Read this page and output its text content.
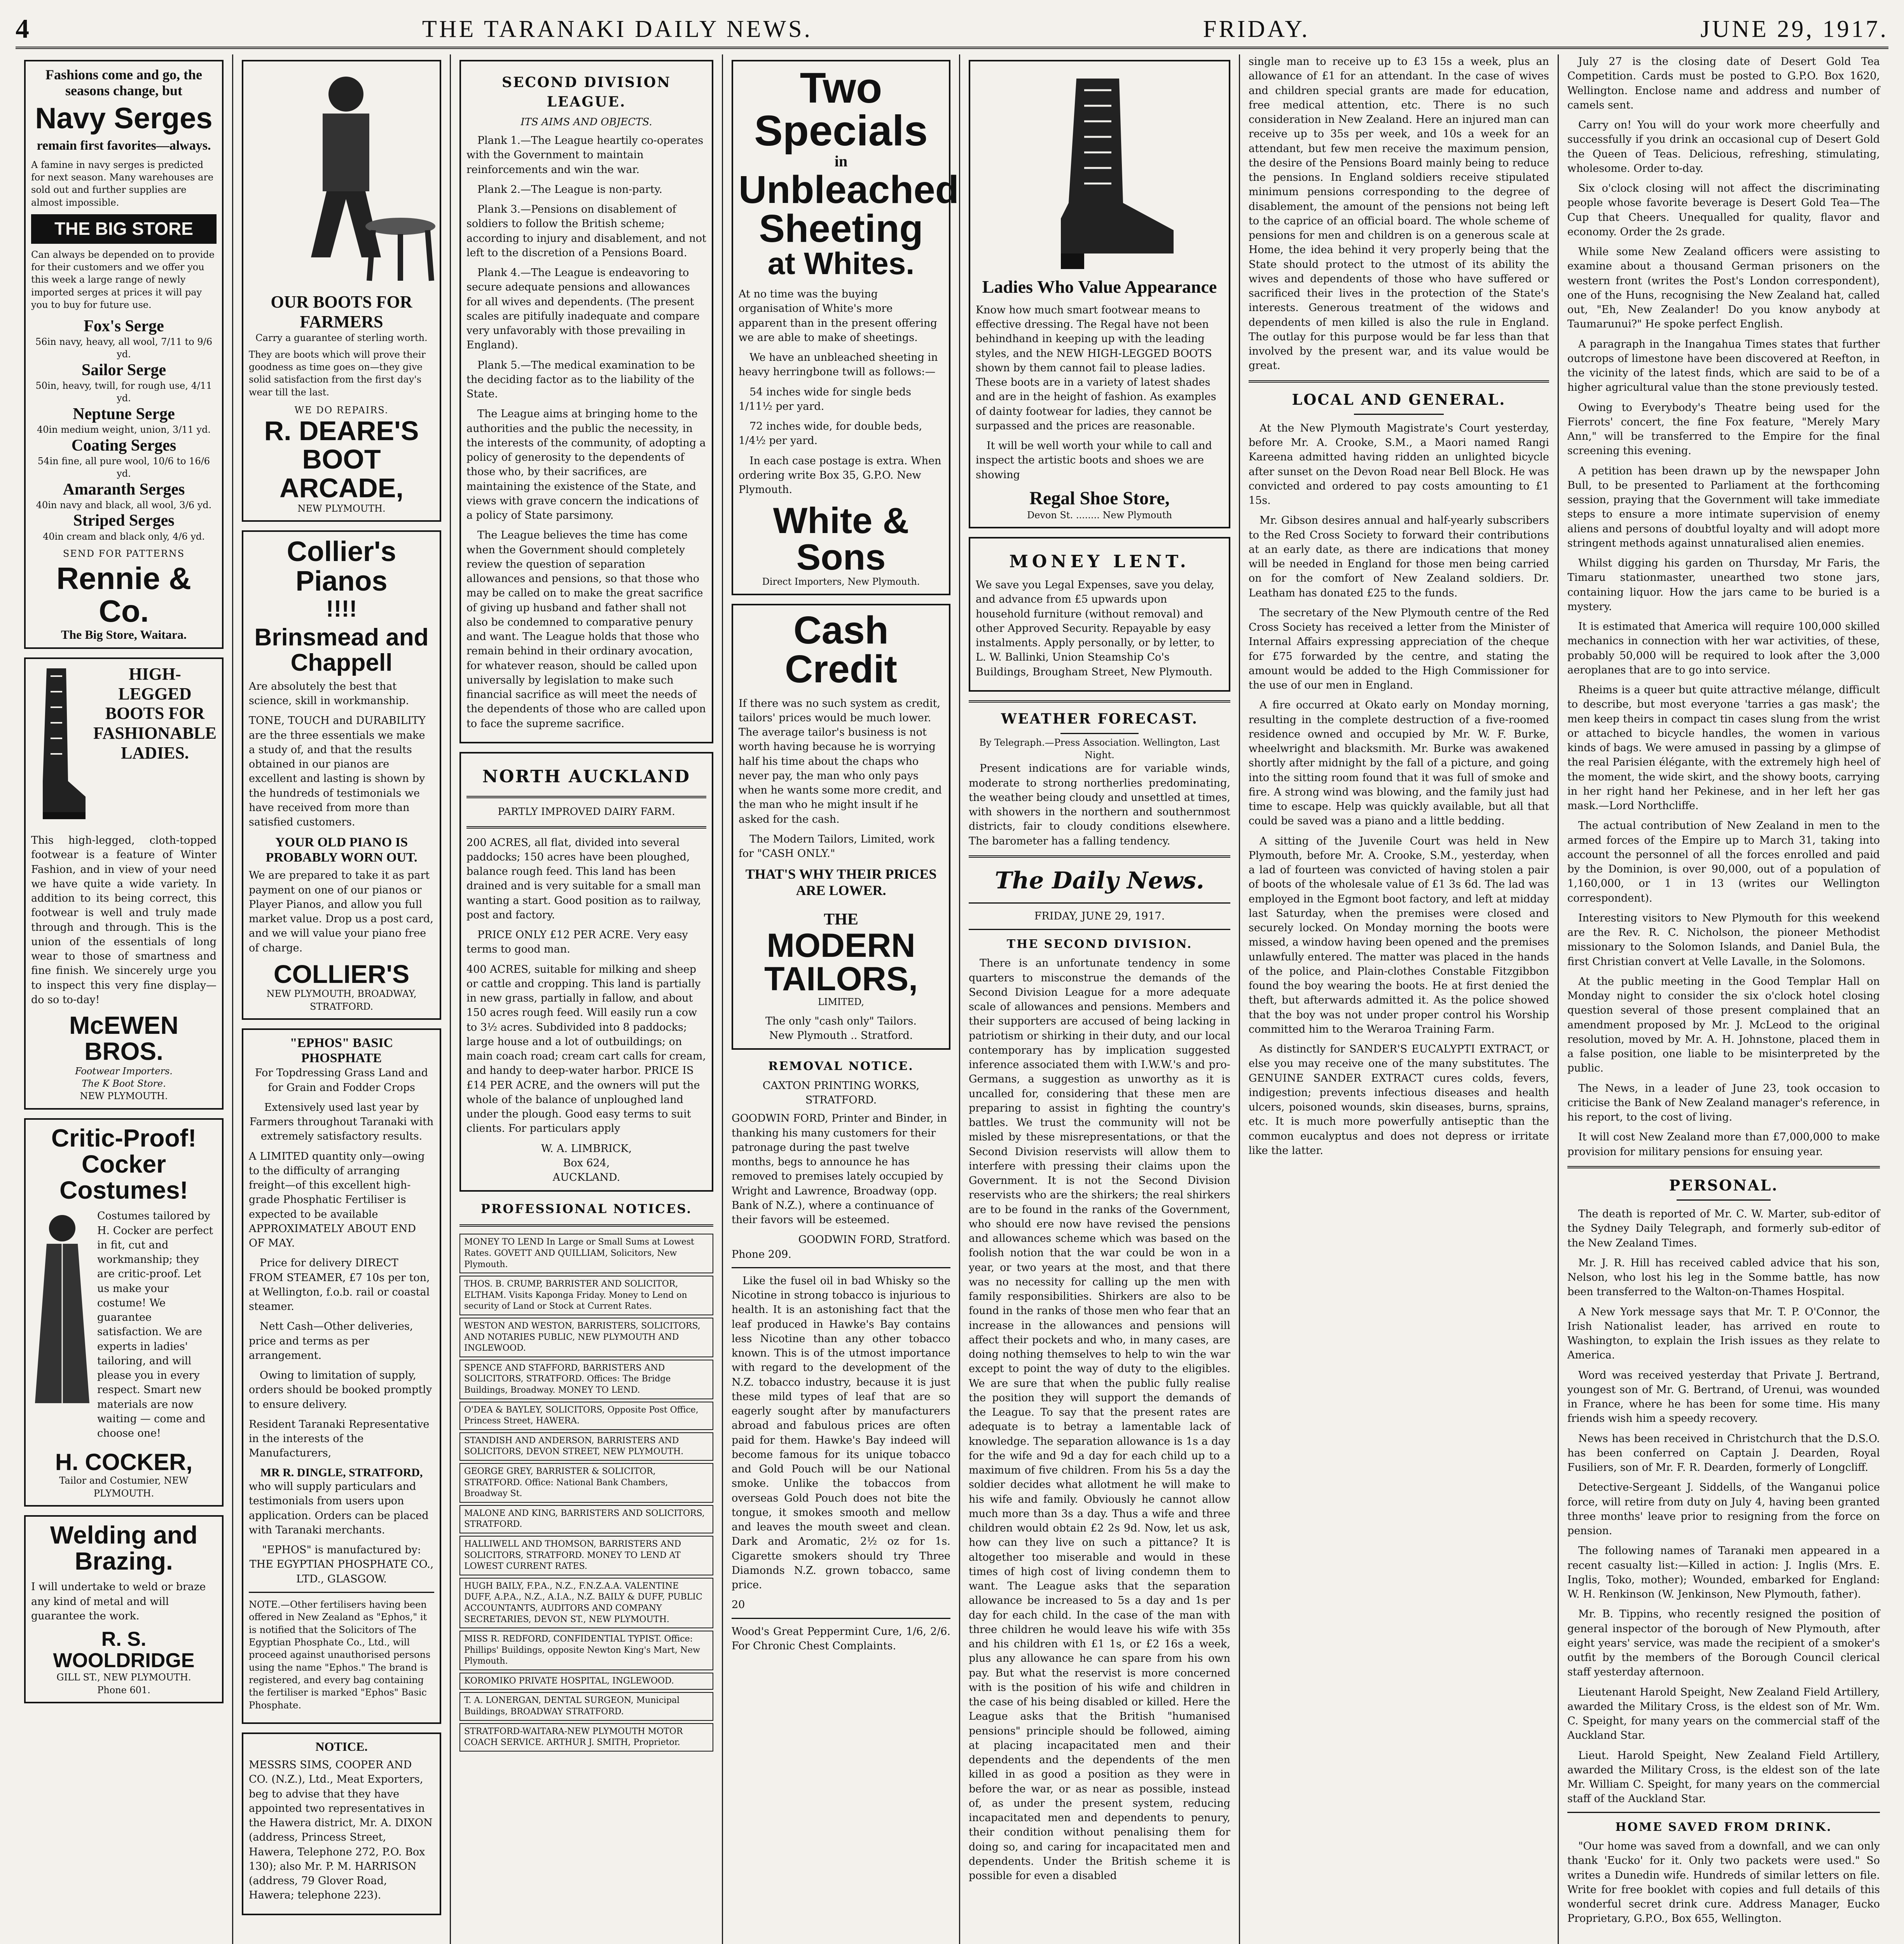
4	THE TARANAKI DAILY NEWS.	FRIDAY.	JUNE 29, 1917.
Fashions come and go, the seasons change, but
Navy Serges
remain first favorites—always.

A famine in navy serges is predicted for next season. Many warehouses are sold out and further supplies are almost impossible.

THE BIG STORE

Can always be depended on to provide for their customers and we offer you this week a large range of newly imported serges at prices it will pay you to buy for future use.

Fox's Serge
56in navy, heavy, all wool, 7/11 to 9/6 yd.
Sailor Serge
50in, heavy, twill, for rough use, 4/11 yd.
Neptune Serge
40in medium weight, union, 3/11 yd.
Coating Serges
54in fine, all pure wool, 10/6 to 16/6 yd.
Amaranth Serges
40in navy and black, all wool, 3/6 yd.
Striped Serges
40in cream and black only, 4/6 yd.
SEND FOR PATTERNS
Rennie & Co.
The Big Store, Waitara.
HIGH-LEGGED BOOTS FOR FASHIONABLE LADIES.

This high-legged, cloth-topped footwear is a feature of Winter Fashion, and in view of your need we have quite a wide variety. In addition to its being correct, this footwear is well and truly made through and through. This is the union of the essentials of long wear to those of smartness and fine finish. We sincerely urge you to inspect this very fine display—do so to-day!

McEWEN BROS.
Footwear Importers.
The K Boot Store.
NEW PLYMOUTH.
Critic-Proof! Cocker Costumes!

Costumes tailored by H. Cocker are perfect in fit, cut and workmanship; they are critic-proof. Let us make your costume! We guarantee satisfaction. We are experts in ladies' tailoring, and will please you in every respect. Smart new materials are now waiting — come and choose one!

H. COCKER,
Tailor and Costumier, NEW PLYMOUTH.
Welding and Brazing.

I will undertake to weld or braze any kind of metal and will guarantee the work.

R. S. WOOLDRIDGE
GILL ST., NEW PLYMOUTH.
Phone 601.
OUR BOOTS FOR FARMERS
Carry a guarantee of sterling worth.

They are boots which will prove their goodness as time goes on—they give solid satisfaction from the first day's wear till the last.

WE DO REPAIRS.
R. DEARE'S BOOT ARCADE,
NEW PLYMOUTH.
Collier's Pianos
!!!!
Brinsmead and Chappell

Are absolutely the best that science, skill in workmanship.

TONE, TOUCH and DURABILITY are the three essentials we make a study of, and that the results obtained in our pianos are excellent and lasting is shown by the hundreds of testimonials we have received from more than satisfied customers.

YOUR OLD PIANO IS PROBABLY WORN OUT.

We are prepared to take it as part payment on one of our pianos or Player Pianos, and allow you full market value. Drop us a post card, and we will value your piano free of charge.

COLLIER'S
NEW PLYMOUTH, BROADWAY, STRATFORD.
"EPHOS" BASIC PHOSPHATE

For Topdressing Grass Land and for Grain and Fodder Crops

Extensively used last year by Farmers throughout Taranaki with extremely satisfactory results.

A LIMITED quantity only—owing to the difficulty of arranging freight—of this excellent high-grade Phosphatic Fertiliser is expected to be available APPROXIMATELY ABOUT END OF MAY.

Price for delivery DIRECT FROM STEAMER, £7 10s per ton, at Wellington, f.o.b. rail or coastal steamer.

Nett Cash—Other deliveries, price and terms as per arrangement.

Owing to limitation of supply, orders should be booked promptly to ensure delivery.

Resident Taranaki Representative in the interests of the Manufacturers,

MR R. DINGLE, STRATFORD,

who will supply particulars and testimonials from users upon application. Orders can be placed with Taranaki merchants.

"EPHOS" is manufactured by: THE EGYPTIAN PHOSPHATE CO., LTD., GLASGOW.

NOTE.—Other fertilisers having been offered in New Zealand as "Ephos," it is notified that the Solicitors of The Egyptian Phosphate Co., Ltd., will proceed against unauthorised persons using the name "Ephos." The brand is registered, and every bag containing the fertiliser is marked "Ephos" Basic Phosphate.

NOTICE.

MESSRS SIMS, COOPER AND CO. (N.Z.), Ltd., Meat Exporters, beg to advise that they have appointed two representatives in the Hawera district, Mr. A. DIXON (address, Princess Street, Hawera, Telephone 272, P.O. Box 130); also Mr. P. M. HARRISON (address, 79 Glover Road, Hawera; telephone 223).

SECOND DIVISION LEAGUE.
ITS AIMS AND OBJECTS.

Plank 1.—The League heartily co-operates with the Government to maintain reinforcements and win the war.

Plank 2.—The League is non-party.

Plank 3.—Pensions on disablement of soldiers to follow the British scheme; according to injury and disablement, and not left to the discretion of a Pensions Board.

Plank 4.—The League is endeavoring to secure adequate pensions and allowances for all wives and dependents. (The present scales are pitifully inadequate and compare very unfavorably with those prevailing in England).

Plank 5.—The medical examination to be the deciding factor as to the liability of the State.

The League aims at bringing home to the authorities and the public the necessity, in the interests of the community, of adopting a policy of generosity to the dependents of those who, by their sacrifices, are maintaining the existence of the State, and views with grave concern the indications of a policy of State parsimony.

The League believes the time has come when the Government should completely review the question of separation allowances and pensions, so that those who may be called on to make the great sacrifice of giving up husband and father shall not also be condemned to comparative penury and want. The League holds that those who remain behind in their ordinary avocation, for whatever reason, should be called upon universally by legislation to make such financial sacrifice as will meet the needs of the dependents of those who are called upon to face the supreme sacrifice.

NORTH AUCKLAND
PARTLY IMPROVED DAIRY FARM.

200 ACRES, all flat, divided into several paddocks; 150 acres have been ploughed, balance rough feed. This land has been drained and is very suitable for a small man wanting a start. Good position as to railway, post and factory.

PRICE ONLY £12 PER ACRE. Very easy terms to good man.

400 ACRES, suitable for milking and sheep or cattle and cropping. This land is partially in new grass, partially in fallow, and about 150 acres rough feed. Will easily run a cow to 3½ acres. Subdivided into 8 paddocks; large house and a lot of outbuildings; on main coach road; cream cart calls for cream, and handy to deep-water harbor. PRICE IS £14 PER ACRE, and the owners will put the whole of the balance of unploughed land under the plough. Good easy terms to suit clients. For particulars apply

W. A. LIMBRICK,
Box 624,
AUCKLAND.
PROFESSIONAL NOTICES.
MONEY TO LEND In Large or Small Sums at Lowest Rates. GOVETT AND QUILLIAM, Solicitors, New Plymouth.
THOS. B. CRUMP, BARRISTER AND SOLICITOR, ELTHAM. Visits Kaponga Friday. Money to Lend on security of Land or Stock at Current Rates.
WESTON AND WESTON, BARRISTERS, SOLICITORS, AND NOTARIES PUBLIC, NEW PLYMOUTH AND INGLEWOOD.
SPENCE AND STAFFORD, BARRISTERS AND SOLICITORS, STRATFORD. Offices: The Bridge Buildings, Broadway. MONEY TO LEND.
O'DEA & BAYLEY, SOLICITORS, Opposite Post Office, Princess Street, HAWERA.
STANDISH AND ANDERSON, BARRISTERS AND SOLICITORS, DEVON STREET, NEW PLYMOUTH.
GEORGE GREY, BARRISTER & SOLICITOR, STRATFORD. Office: National Bank Chambers, Broadway St.
MALONE AND KING, BARRISTERS AND SOLICITORS, STRATFORD.
HALLIWELL AND THOMSON, BARRISTERS AND SOLICITORS, STRATFORD. MONEY TO LEND AT LOWEST CURRENT RATES.
HUGH BAILY, F.P.A., N.Z., F.N.Z.A.A. VALENTINE DUFF, A.P.A., N.Z., A.I.A., N.Z. BAILY & DUFF, PUBLIC ACCOUNTANTS, AUDITORS AND COMPANY SECRETARIES, DEVON ST., NEW PLYMOUTH.
MISS R. REDFORD, CONFIDENTIAL TYPIST. Office: Phillips' Buildings, opposite Newton King's Mart, New Plymouth.
KOROMIKO PRIVATE HOSPITAL, INGLEWOOD.
T. A. LONERGAN, DENTAL SURGEON, Municipal Buildings, BROADWAY STRATFORD.
STRATFORD-WAITARA-NEW PLYMOUTH MOTOR COACH SERVICE. ARTHUR J. SMITH, Proprietor.
Two Specials
in
Unbleached Sheeting
at Whites.

At no time was the buying organisation of White's more apparent than in the present offering we are able to make of sheetings.

We have an unbleached sheeting in heavy herringbone twill as follows:—

54 inches wide for single beds 1/11½ per yard.

72 inches wide, for double beds, 1/4½ per yard.

In each case postage is extra. When ordering write Box 35, G.P.O. New Plymouth.

White & Sons
Direct Importers, New Plymouth.
Cash Credit

If there was no such system as credit, tailors' prices would be much lower. The average tailor's business is not worth having because he is worrying half his time about the chaps who never pay, the man who only pays when he wants some more credit, and the man who he might insult if he asked for the cash.

The Modern Tailors, Limited, work for "CASH ONLY."

THAT'S WHY THEIR PRICES ARE LOWER.
THE
MODERN TAILORS,
LIMITED,
The only "cash only" Tailors.
New Plymouth .. Stratford.
REMOVAL NOTICE.
CAXTON PRINTING WORKS, STRATFORD.

GOODWIN FORD, Printer and Binder, in thanking his many customers for their patronage during the past twelve months, begs to announce he has removed to premises lately occupied by Wright and Lawrence, Broadway (opp. Bank of N.Z.), where a continuance of their favors will be esteemed.

GOODWIN FORD, Stratford.
Phone 209.

Like the fusel oil in bad Whisky so the Nicotine in strong tobacco is injurious to health. It is an astonishing fact that the leaf produced in Hawke's Bay contains less Nicotine than any other tobacco known. This is of the utmost importance with regard to the development of the N.Z. tobacco industry, because it is just these mild types of leaf that are so eagerly sought after by manufacturers abroad and fabulous prices are often paid for them. Hawke's Bay indeed will become famous for its unique tobacco and Gold Pouch will be our National smoke. Unlike the tobaccos from overseas Gold Pouch does not bite the tongue, it smokes smooth and mellow and leaves the mouth sweet and clean. Dark and Aromatic, 2½ oz for 1s. Cigarette smokers should try Three Diamonds N.Z. grown tobacco, same price.

20

Wood's Great Peppermint Cure, 1/6, 2/6. For Chronic Chest Complaints.

Ladies Who Value Appearance

Know how much smart footwear means to effective dressing. The Regal have not been behindhand in keeping up with the leading styles, and the NEW HIGH-LEGGED BOOTS shown by them cannot fail to please ladies. These boots are in a variety of latest shades and are in the height of fashion. As examples of dainty footwear for ladies, they cannot be surpassed and the prices are reasonable.

It will be well worth your while to call and inspect the artistic boots and shoes we are showing

Regal Shoe Store,
Devon St. ........ New Plymouth
MONEY LENT.

We save you Legal Expenses, save you delay, and advance from £5 upwards upon household furniture (without removal) and other Approved Security. Repayable by easy instalments. Apply personally, or by letter, to L. W. Ballinki, Union Steamship Co's Buildings, Brougham Street, New Plymouth.

WEATHER FORECAST.
By Telegraph.—Press Association. Wellington, Last Night.

Present indications are for variable winds, moderate to strong northerlies predominating, the weather being cloudy and unsettled at times, with showers in the northern and southernmost districts, fair to cloudy conditions elsewhere. The barometer has a falling tendency.

The Daily News.
FRIDAY, JUNE 29, 1917.
THE SECOND DIVISION.

There is an unfortunate tendency in some quarters to misconstrue the demands of the Second Division League for a more adequate scale of allowances and pensions. Members and their supporters are accused of being lacking in patriotism or shirking in their duty, and our local contemporary has by implication suggested inference associated them with I.W.W.'s and pro-Germans, a suggestion as unworthy as it is uncalled for, considering that these men are preparing to assist in fighting the country's battles. We trust the community will not be misled by these misrepresentations, or that the Second Division reservists will allow them to interfere with pressing their claims upon the Government. It is not the Second Division reservists who are the shirkers; the real shirkers are to be found in the ranks of the Government, who should ere now have revised the pensions and allowances scheme which was based on the foolish notion that the war could be won in a year, or two years at the most, and that there was no necessity for calling up the men with family responsibilities. Shirkers are also to be found in the ranks of those men who fear that an increase in the allowances and pensions will affect their pockets and who, in many cases, are doing nothing themselves to help to win the war except to point the way of duty to the eligibles. We are sure that when the public fully realise the position they will support the demands of the League. To say that the present rates are adequate is to betray a lamentable lack of knowledge. The separation allowance is 1s a day for the wife and 9d a day for each child up to a maximum of five children. From his 5s a day the soldier decides what allotment he will make to his wife and family. Obviously he cannot allow much more than 3s a day. Thus a wife and three children would obtain £2 2s 9d. Now, let us ask, how can they live on such a pittance? It is altogether too miserable and would in these times of high cost of living condemn them to want. The League asks that the separation allowance be increased to 5s a day and 1s per day for each child. In the case of the man with three children he would leave his wife with 35s and his children with £1 1s, or £2 16s a week, plus any allowance he can spare from his own pay. But what the reservist is more concerned with is the position of his wife and children in the case of his being disabled or killed. Here the League asks that the British "humanised pensions" principle should be followed, aiming at placing incapacitated men and their dependents and the dependents of the men killed in as good a position as they were in before the war, or as near as possible, instead of, as under the present system, reducing incapacitated men and dependents to penury, their condition without penalising them for doing so, and caring for incapacitated men and dependents. Under the British scheme it is possible for even a disabled

single man to receive up to £3 15s a week, plus an allowance of £1 for an attendant. In the case of wives and children special grants are made for education, free medical attention, etc. There is no such consideration in New Zealand. Here an injured man can receive up to 35s per week, and 10s a week for an attendant, but few men receive the maximum pension, the desire of the Pensions Board mainly being to reduce the pensions. In England soldiers receive stipulated minimum pensions corresponding to the degree of disablement, the amount of the pensions not being left to the caprice of an official board. The whole scheme of pensions for men and children is on a generous scale at Home, the idea behind it very properly being that the State should protect to the utmost of its ability the wives and dependents of those who have suffered or sacrificed their lives in the protection of the State's interests. Generous treatment of the widows and dependents of men killed is also the rule in England. The outlay for this purpose would be far less than that involved by the present war, and its value would be great.

LOCAL AND GENERAL.

At the New Plymouth Magistrate's Court yesterday, before Mr. A. Crooke, S.M., a Maori named Rangi Kareena admitted having ridden an unlighted bicycle after sunset on the Devon Road near Bell Block. He was convicted and ordered to pay costs amounting to £1 15s.

Mr. Gibson desires annual and half-yearly subscribers to the Red Cross Society to forward their contributions at an early date, as there are indications that money will be needed in England for those men being carried on for the comfort of New Zealand soldiers. Dr. Leatham has donated £25 to the funds.

The secretary of the New Plymouth centre of the Red Cross Society has received a letter from the Minister of Internal Affairs expressing appreciation of the cheque for £75 forwarded by the centre, and stating the amount would be added to the High Commissioner for the use of our men in England.

A fire occurred at Okato early on Monday morning, resulting in the complete destruction of a five-roomed residence owned and occupied by Mr. W. F. Burke, wheelwright and blacksmith. Mr. Burke was awakened shortly after midnight by the fall of a picture, and going into the sitting room found that it was full of smoke and fire. A strong wind was blowing, and the family just had time to escape. Help was quickly available, but all that could be saved was a piano and a little bedding.

A sitting of the Juvenile Court was held in New Plymouth, before Mr. A. Crooke, S.M., yesterday, when a lad of fourteen was convicted of having stolen a pair of boots of the wholesale value of £1 3s 6d. The lad was employed in the Egmont boot factory, and left at midday last Saturday, when the premises were closed and securely locked. On Monday morning the boots were missed, a window having been opened and the premises unlawfully entered. The matter was placed in the hands of the police, and Plain-clothes Constable Fitzgibbon found the boy wearing the boots. He at first denied the theft, but afterwards admitted it. As the police showed that the boy was not under proper control his Worship committed him to the Weraroa Training Farm.

As distinctly for SANDER'S EUCALYPTI EXTRACT, or else you may receive one of the many substitutes. The GENUINE SANDER EXTRACT cures colds, fevers, indigestion; prevents infectious diseases and health ulcers, poisoned wounds, skin diseases, burns, sprains, etc. It is much more powerfully antiseptic than the common eucalyptus and does not depress or irritate like the latter.

July 27 is the closing date of Desert Gold Tea Competition. Cards must be posted to G.P.O. Box 1620, Wellington. Enclose name and address and number of camels sent.

Carry on! You will do your work more cheerfully and successfully if you drink an occasional cup of Desert Gold the Queen of Teas. Delicious, refreshing, stimulating, wholesome. Order to-day.

Six o'clock closing will not affect the discriminating people whose favorite beverage is Desert Gold Tea—The Cup that Cheers. Unequalled for quality, flavor and economy. Order the 2s grade.

While some New Zealand officers were assisting to examine about a thousand German prisoners on the western front (writes the Post's London correspondent), one of the Huns, recognising the New Zealand hat, called out, "Eh, New Zealander! Do you know anybody at Taumarunui?" He spoke perfect English.

A paragraph in the Inangahua Times states that further outcrops of limestone have been discovered at Reefton, in the vicinity of the latest finds, which are said to be of a higher agricultural value than the stone previously tested.

Owing to Everybody's Theatre being used for the Fierrots' concert, the fine Fox feature, "Merely Mary Ann," will be transferred to the Empire for the final screening this evening.

A petition has been drawn up by the newspaper John Bull, to be presented to Parliament at the forthcoming session, praying that the Government will take immediate steps to ensure a more intimate supervision of enemy aliens and persons of doubtful loyalty and will adopt more stringent methods against unnaturalised alien enemies.

Whilst digging his garden on Thursday, Mr Faris, the Timaru stationmaster, unearthed two stone jars, containing liquor. How the jars came to be buried is a mystery.

It is estimated that America will require 100,000 skilled mechanics in connection with her war activities, of these, probably 50,000 will be required to look after the 3,000 aeroplanes that are to go into service.

Rheims is a queer but quite attractive mélange, difficult to describe, but most everyone 'tarries a gas mask'; the men keep theirs in compact tin cases slung from the wrist or attached to bicycle handles, the women in various kinds of bags. We were amused in passing by a glimpse of the real Parisien élégante, with the extremely high heel of the moment, the wide skirt, and the showy boots, carrying in her right hand her Pekinese, and in her left her gas mask.—Lord Northcliffe.

The actual contribution of New Zealand in men to the armed forces of the Empire up to March 31, taking into account the personnel of all the forces enrolled and paid by the Dominion, is over 90,000, out of a population of 1,160,000, or 1 in 13 (writes our Wellington correspondent).

Interesting visitors to New Plymouth for this weekend are the Rev. R. C. Nicholson, the pioneer Methodist missionary to the Solomon Islands, and Daniel Bula, the first Christian convert at Velle Lavalle, in the Solomons.

At the public meeting in the Good Templar Hall on Monday night to consider the six o'clock hotel closing question several of those present complained that an amendment proposed by Mr. J. McLeod to the original resolution, moved by Mr. A. H. Johnstone, placed them in a false position, one liable to be misinterpreted by the public.

The News, in a leader of June 23, took occasion to criticise the Bank of New Zealand manager's reference, in his report, to the cost of living.

It will cost New Zealand more than £7,000,000 to make provision for military pensions for ensuing year.

PERSONAL.

The death is reported of Mr. C. W. Marter, sub-editor of the Sydney Daily Telegraph, and formerly sub-editor of the New Zealand Times.

Mr. J. R. Hill has received cabled advice that his son, Nelson, who lost his leg in the Somme battle, has now been transferred to the Walton-on-Thames Hospital.

A New York message says that Mr. T. P. O'Connor, the Irish Nationalist leader, has arrived en route to Washington, to explain the Irish issues as they relate to America.

Word was received yesterday that Private J. Bertrand, youngest son of Mr. G. Bertrand, of Urenui, was wounded in France, where he has been for some time. His many friends wish him a speedy recovery.

News has been received in Christchurch that the D.S.O. has been conferred on Captain J. Dearden, Royal Fusiliers, son of Mr. F. R. Dearden, formerly of Longcliff.

Detective-Sergeant J. Siddells, of the Wanganui police force, will retire from duty on July 4, having been granted three months' leave prior to resigning from the force on pension.

The following names of Taranaki men appeared in a recent casualty list:—Killed in action: J. Inglis (Mrs. E. Inglis, Toko, mother); Wounded, embarked for England: W. H. Renkinson (W. Jenkinson, New Plymouth, father).

Mr. B. Tippins, who recently resigned the position of general inspector of the borough of New Plymouth, after eight years' service, was made the recipient of a smoker's outfit by the members of the Borough Council clerical staff yesterday afternoon.

Lieutenant Harold Speight, New Zealand Field Artillery, awarded the Military Cross, is the eldest son of Mr. Wm. C. Speight, for many years on the commercial staff of the Auckland Star.

Lieut. Harold Speight, New Zealand Field Artillery, awarded the Military Cross, is the eldest son of the late Mr. William C. Speight, for many years on the commercial staff of the Auckland Star.

HOME SAVED FROM DRINK.

"Our home was saved from a downfall, and we can only thank 'Eucko' for it. Only two packets were used." So writes a Dunedin wife. Hundreds of similar letters on file. Write for free booklet with copies and full details of this wonderful secret drink cure. Address Manager, Eucko Proprietary, G.P.O., Box 655, Wellington.
